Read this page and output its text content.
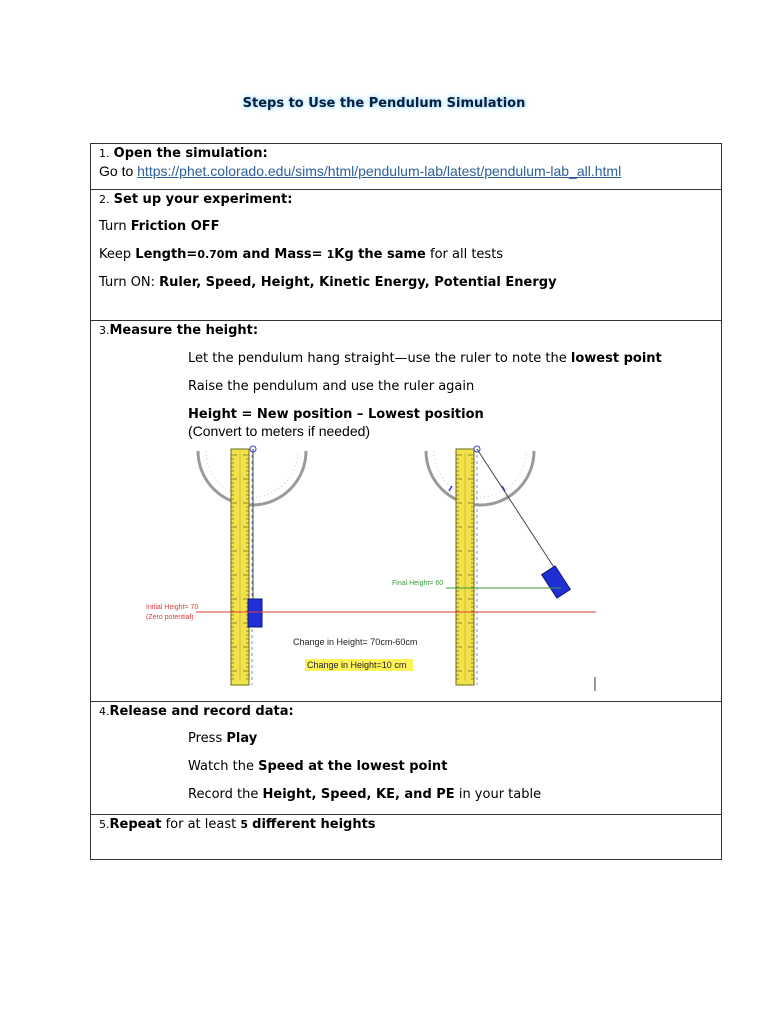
Steps to Use the Pendulum Simulation
1. Open the simulation:
Go to https://phet.colorado.edu/sims/html/pendulum-lab/latest/pendulum-lab_all.html
2. Set up your experiment:
Turn Friction OFF
Keep Length=0.70m and Mass= 1Kg the same for all tests
Turn ON: Ruler, Speed, Height, Kinetic Energy, Potential Energy
3.Measure the height:
Let the pendulum hang straight—use the ruler to note the lowest point
Raise the pendulum and use the ruler again
Height = New position – Lowest position
(Convert to meters if needed)
Final Height= 60
Initial Height= 70
(Zero potential)
Change in Height= 70cm-60cm
Change in Height=10 cm
4.Release and record data:
Press Play
Watch the Speed at the lowest point
Record the Height, Speed, KE, and PE in your table
5.Repeat for at least 5 different heights
